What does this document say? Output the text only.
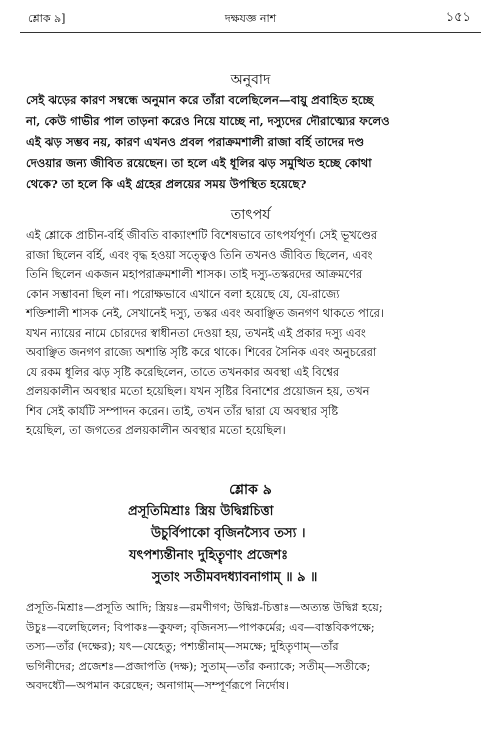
শ্লোক ৯]	দক্ষযজ্ঞ নাশ	১৫১
অনুবাদ
সেই ঝড়ের কারণ সম্বন্ধে অনুমান করে তাঁরা বলেছিলেন—বায়ু প্রবাহিত হচ্ছে
না, কেউ গাভীর পাল তাড়না করেও নিয়ে যাচ্ছে না, দস্যুদের দৌরাত্ম্যের ফলেও
এই ঝড় সম্ভব নয়, কারণ এখনও প্রবল পরাক্রমশালী রাজা বর্হি তাদের দণ্ড
দেওয়ার জন্য জীবিত রয়েছেন। তা হলে এই ধূলির ঝড় সমুত্থিত হচ্ছে কোথা
থেকে? তা হলে কি এই গ্রহের প্রলয়ের সময় উপস্থিত হয়েছে?
তাৎপর্য
এই শ্লোকে প্রাচীন-বর্হি জীবতি বাক্যাংশটি বিশেষভাবে তাৎপর্যপূর্ণ। সেই ভূখণ্ডের
রাজা ছিলেন বর্হি, এবং বৃদ্ধ হওয়া সত্ত্বেও তিনি তখনও জীবিত ছিলেন, এবং
তিনি ছিলেন একজন মহাপরাক্রমশালী শাসক। তাই দস্যু-তস্করদের আক্রমণের
কোন সম্ভাবনা ছিল না। পরোক্ষভাবে এখানে বলা হয়েছে যে, যে-রাজ্যে
শক্তিশালী শাসক নেই, সেখানেই দস্যু, তস্কর এবং অবাঞ্ছিত জনগণ থাকতে পারে।
যখন ন্যায়ের নামে চোরদের স্বাধীনতা দেওয়া হয়, তখনই এই প্রকার দস্যু এবং
অবাঞ্ছিত জনগণ রাজ্যে অশান্তি সৃষ্টি করে থাকে। শিবের সৈনিক এবং অনুচরেরা
যে রকম ধূলির ঝড় সৃষ্টি করেছিলেন, তাতে তখনকার অবস্থা এই বিশ্বের
প্রলয়কালীন অবস্থার মতো হয়েছিল। যখন সৃষ্টির বিনাশের প্রয়োজন হয়, তখন
শিব সেই কার্যটি সম্পাদন করেন। তাই, তখন তাঁর দ্বারা যে অবস্থার সৃষ্টি
হয়েছিল, তা জগতের প্রলয়কালীন অবস্থার মতো হয়েছিল।
শ্লোক ৯
প্রসূতিমিশ্রাঃ স্ত্রিয় উদ্বিগ্নচিত্তা
উচুর্বিপাকো বৃজিনস্যৈব তস্য ।
যৎপশ্যন্তীনাং দুহিতৄণাং প্রজেশঃ
সুতাং সতীমবদধ্যাবনাগাম্ ॥ ৯ ॥
প্রসূতি-মিশ্রাঃ—প্রসূতি আদি; স্ত্রিয়ঃ—রমণীগণ; উদ্বিগ্ন-চিত্তাঃ—অত্যন্ত উদ্বিগ্ন হয়ে;
উচুঃ—বলেছিলেন; বিপাকঃ—কুফল; বৃজিনস্য—পাপকর্মের; এব—বাস্তবিকপক্ষে;
তস্য—তাঁর (দক্ষের); যৎ—যেহেতু; পশ্যন্তীনাম্—সমক্ষে; দুহিতৄণাম্—তাঁর
ভগিনীদের; প্রজেশঃ—প্রজাপতি (দক্ষ); সুতাম্—তাঁর কন্যাকে; সতীম্—সতীকে;
অবদধ্যৌ—অপমান করেছেন; অনাগাম্—সম্পূর্ণরূপে নির্দোষ।
